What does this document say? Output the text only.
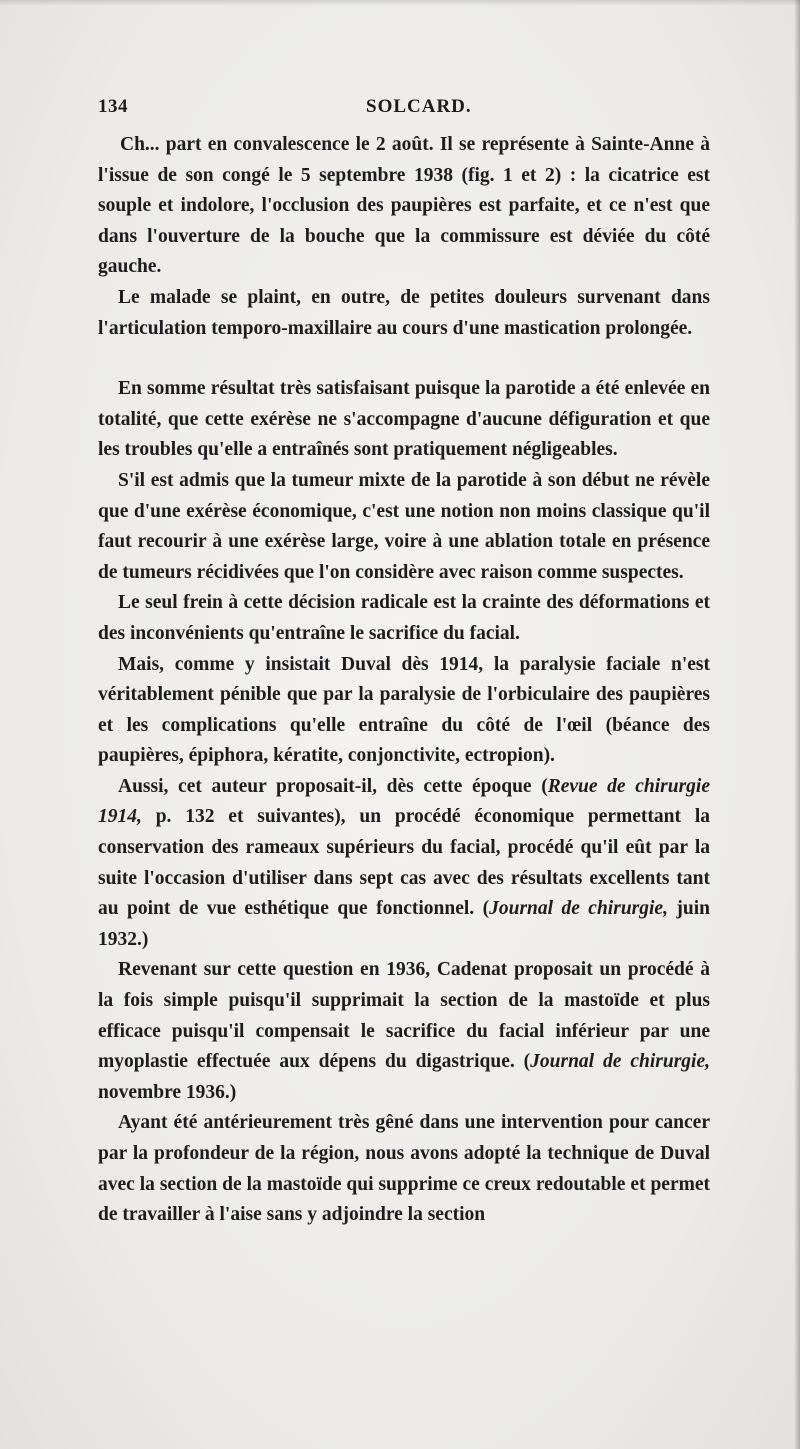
134	SOLCARD.

Ch... part en convalescence le 2 août. Il se représente à Sainte-Anne à l'issue de son congé le 5 septembre 1938 (fig. 1 et 2) : la cicatrice est souple et indolore, l'occlusion des paupières est parfaite, et ce n'est que dans l'ouverture de la bouche que la commissure est déviée du côté gauche.

Le malade se plaint, en outre, de petites douleurs survenant dans l'articulation temporo-maxillaire au cours d'une mastication prolongée.

En somme résultat très satisfaisant puisque la parotide a été enlevée en totalité, que cette exérèse ne s'accompagne d'aucune défiguration et que les troubles qu'elle a entraînés sont pratiquement négligeables.

S'il est admis que la tumeur mixte de la parotide à son début ne révèle que d'une exérèse économique, c'est une notion non moins classique qu'il faut recourir à une exérèse large, voire à une ablation totale en présence de tumeurs récidivées que l'on considère avec raison comme suspectes.

Le seul frein à cette décision radicale est la crainte des déformations et des inconvénients qu'entraîne le sacrifice du facial.

Mais, comme y insistait Duval dès 1914, la paralysie faciale n'est véritablement pénible que par la paralysie de l'orbiculaire des paupières et les complications qu'elle entraîne du côté de l'œil (béance des paupières, épiphora, kératite, conjonctivite, ectropion).

Aussi, cet auteur proposait-il, dès cette époque (Revue de chirurgie 1914, p. 132 et suivantes), un procédé économique permettant la conservation des rameaux supérieurs du facial, procédé qu'il eût par la suite l'occasion d'utiliser dans sept cas avec des résultats excellents tant au point de vue esthétique que fonctionnel. (Journal de chirurgie, juin 1932.)

Revenant sur cette question en 1936, Cadenat proposait un procédé à la fois simple puisqu'il supprimait la section de la mastoïde et plus efficace puisqu'il compensait le sacrifice du facial inférieur par une myoplastie effectuée aux dépens du digastrique. (Journal de chirurgie, novembre 1936.)

Ayant été antérieurement très gêné dans une intervention pour cancer par la profondeur de la région, nous avons adopté la technique de Duval avec la section de la mastoïde qui supprime ce creux redoutable et permet de travailler à l'aise sans y adjoindre la section
